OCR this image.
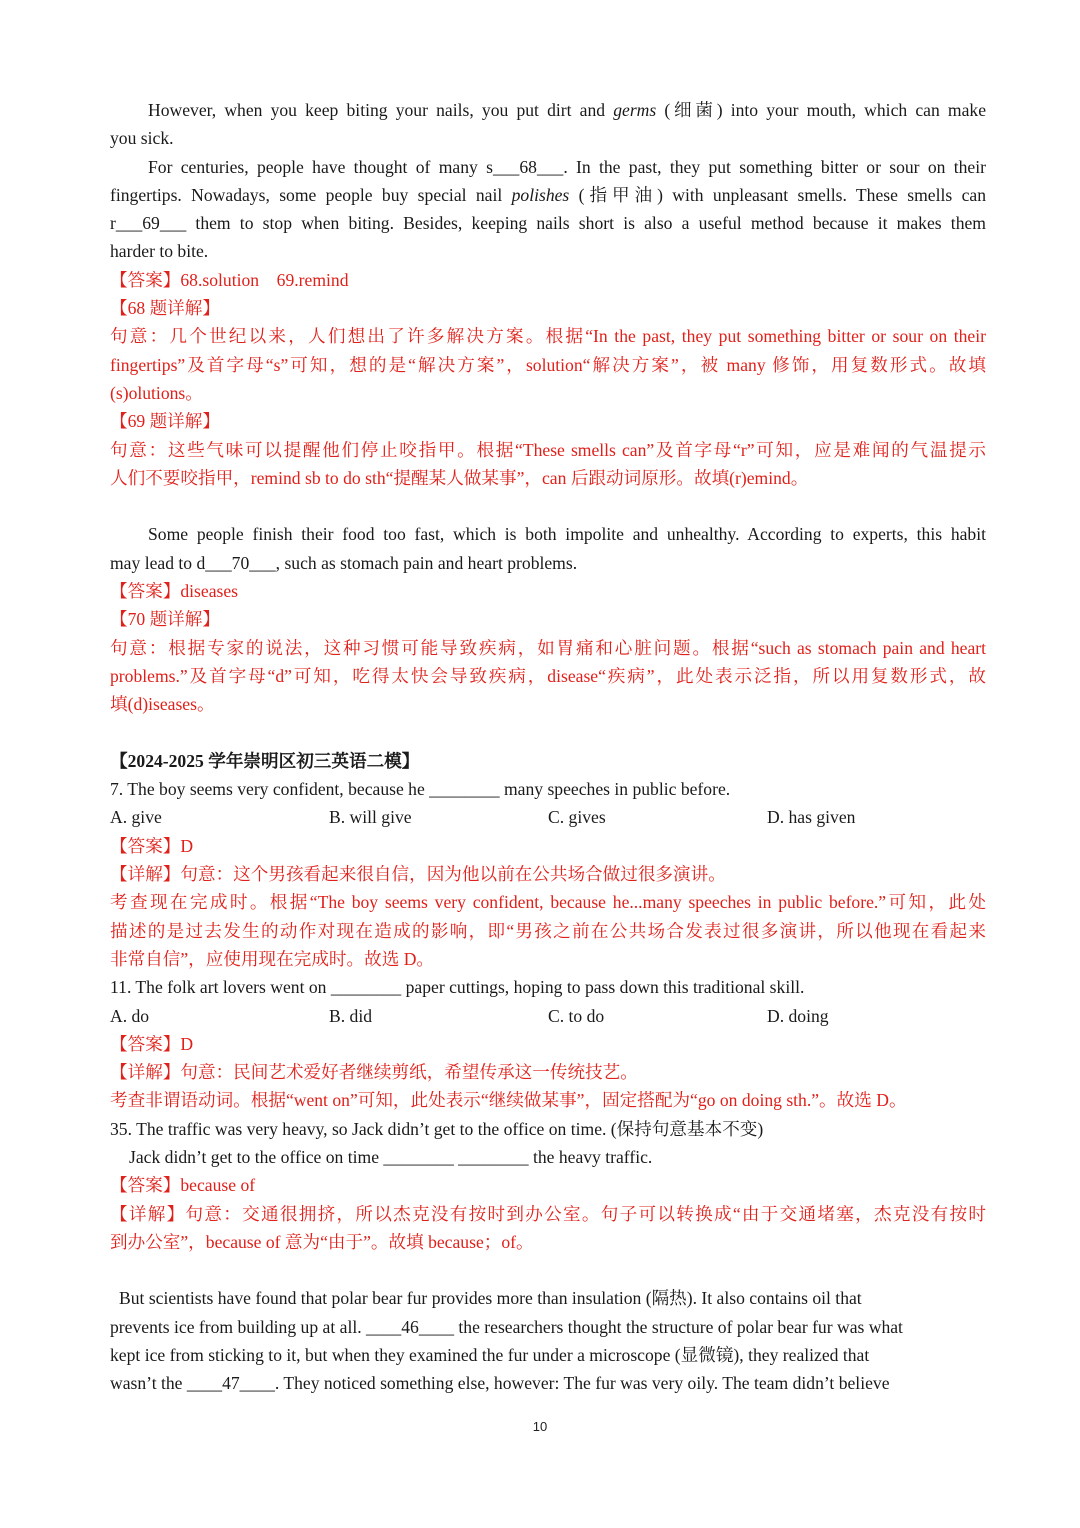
However, when you keep biting your nails, you put dirt and germs (细菌) into your mouth, which can make

you sick.

For centuries, people have thought of many s___68___. In the past, they put something bitter or sour on their

fingertips. Nowadays, some people buy special nail polishes (指甲油) with unpleasant smells. These smells can

r___69___ them to stop when biting. Besides, keeping nails short is also a useful method because it makes them

harder to bite.

【答案】68.solution　69.remind

【68 题详解】

句意：几个世纪以来，人们想出了许多解决方案。根据“In the past, they put something bitter or sour on their

fingertips”及首字母“s”可知，想的是“解决方案”，solution“解决方案”，被 many 修饰，用复数形式。故填

(s)olutions。

【69 题详解】

句意：这些气味可以提醒他们停止咬指甲。根据“These smells can”及首字母“r”可知，应是难闻的气温提示

人们不要咬指甲，remind sb to do sth“提醒某人做某事”，can 后跟动词原形。故填(r)emind。

Some people finish their food too fast, which is both impolite and unhealthy. According to experts, this habit

may lead to d___70___, such as stomach pain and heart problems.

【答案】diseases

【70 题详解】

句意：根据专家的说法，这种习惯可能导致疾病，如胃痛和心脏问题。根据“such as stomach pain and heart

problems.”及首字母“d”可知，吃得太快会导致疾病，disease“疾病”，此处表示泛指，所以用复数形式，故

填(d)iseases。

【2024-2025 学年崇明区初三英语二模】

7. The boy seems very confident, because he ________ many speeches in public before.

A. give	B. will give	C. gives	D. has given

【答案】D

【详解】句意：这个男孩看起来很自信，因为他以前在公共场合做过很多演讲。

考查现在完成时。根据“The boy seems very confident, because he...many speeches in public before.”可知，此处

描述的是过去发生的动作对现在造成的影响，即“男孩之前在公共场合发表过很多演讲，所以他现在看起来

非常自信”，应使用现在完成时。故选 D。

11. The folk art lovers went on ________ paper cuttings, hoping to pass down this traditional skill.

A. do	B. did	C. to do	D. doing

【答案】D

【详解】句意：民间艺术爱好者继续剪纸，希望传承这一传统技艺。

考查非谓语动词。根据“went on”可知，此处表示“继续做某事”，固定搭配为“go on doing sth.”。故选 D。

35. The traffic was very heavy, so Jack didn’t get to the office on time. (保持句意基本不变)

Jack didn’t get to the office on time ________ ________ the heavy traffic.

【答案】because of

【详解】句意：交通很拥挤，所以杰克没有按时到办公室。句子可以转换成“由于交通堵塞，杰克没有按时

到办公室”，because of 意为“由于”。故填 because；of。

But scientists have found that polar bear fur provides more than insulation (隔热). It also contains oil that

prevents ice from building up at all. ____46____ the researchers thought the structure of polar bear fur was what

kept ice from sticking to it, but when they examined the fur under a microscope (显微镜), they realized that

wasn’t the ____47____. They noticed something else, however: The fur was very oily. The team didn’t believe

10
